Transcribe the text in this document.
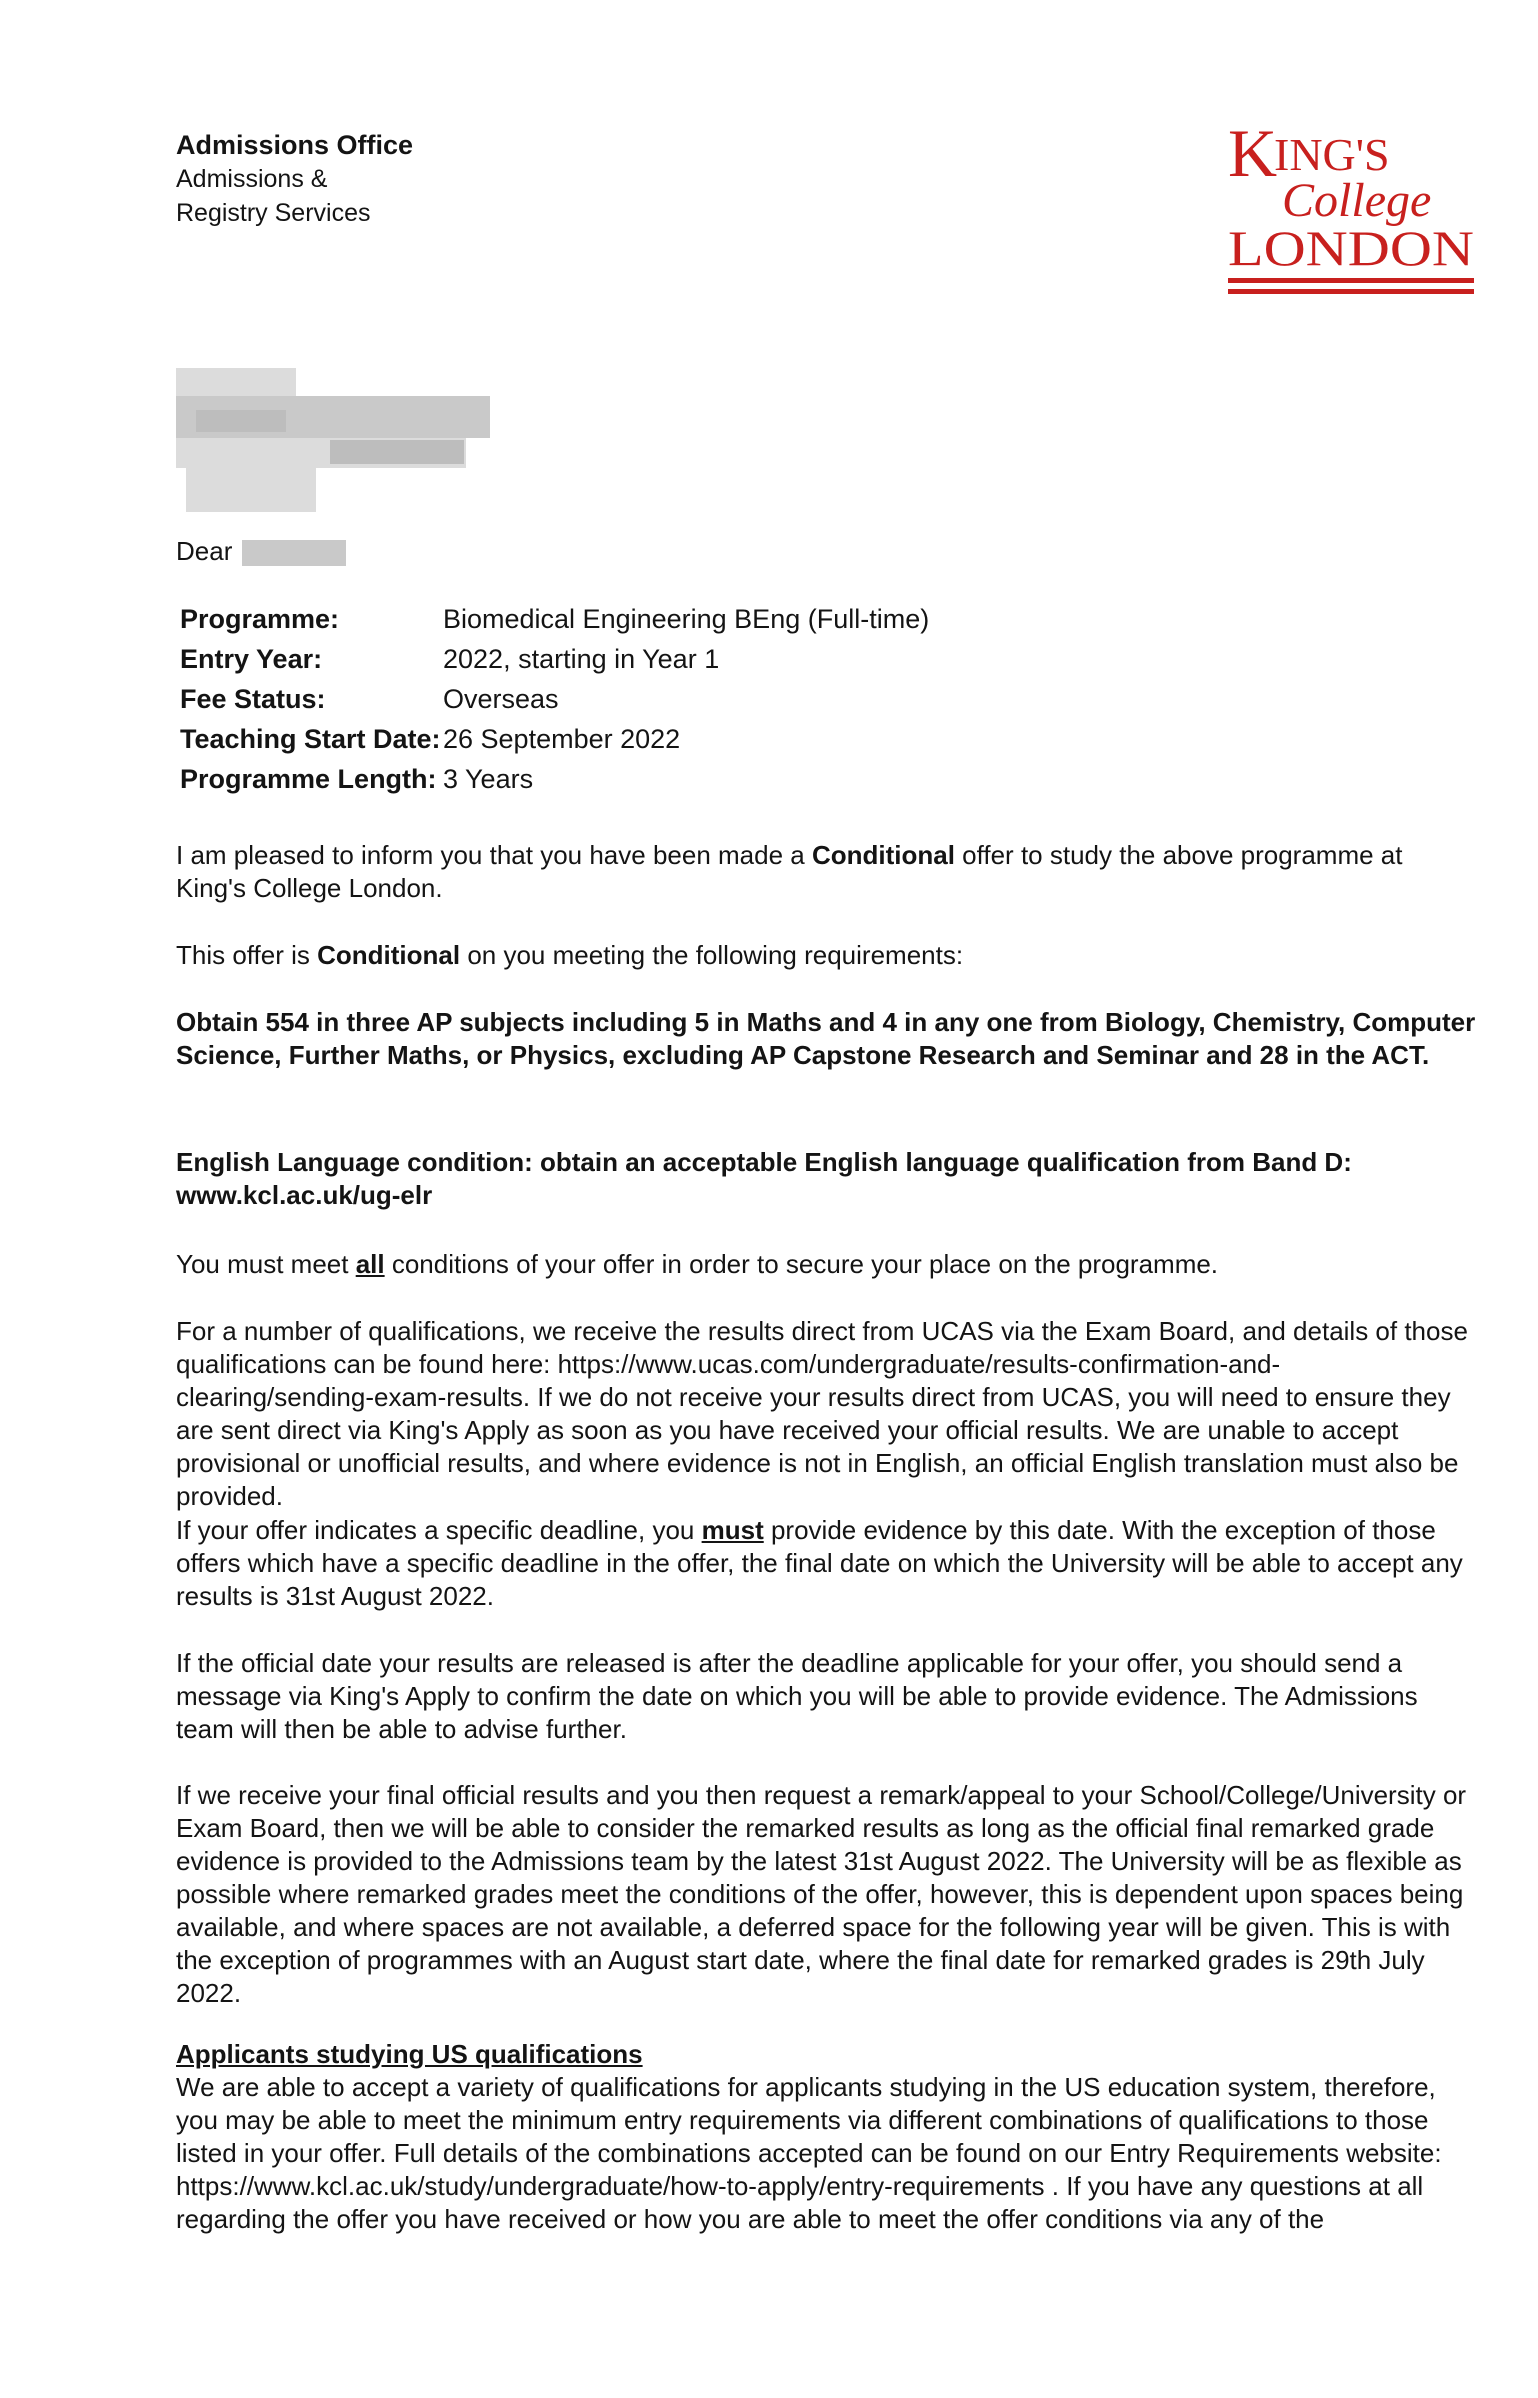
Admissions Office
Admissions &
Registry Services
K
ING'S
College
LONDON
Dear
Programme:	Biomedical Engineering BEng (Full-time)
Entry Year:	2022, starting in Year 1
Fee Status:	Overseas
Teaching Start Date: 26 September 2022
Programme Length: 3 Years

I am pleased to inform you that you have been made a Conditional offer to study the above programme at King's College London.

This offer is Conditional on you meeting the following requirements:

Obtain 554 in three AP subjects including 5 in Maths and 4 in any one from Biology, Chemistry, Computer Science, Further Maths, or Physics, excluding AP Capstone Research and Seminar and 28 in the ACT.

English Language condition: obtain an acceptable English language qualification from Band D: www.kcl.ac.uk/ug-elr

You must meet all conditions of your offer in order to secure your place on the programme.

For a number of qualifications, we receive the results direct from UCAS via the Exam Board, and details of those qualifications can be found here: https://www.ucas.com/undergraduate/results-confirmation-and-clearing/sending-exam-results. If we do not receive your results direct from UCAS, you will need to ensure they are sent direct via King's Apply as soon as you have received your official results. We are unable to accept provisional or unofficial results, and where evidence is not in English, an official English translation must also be provided.

If your offer indicates a specific deadline, you must provide evidence by this date. With the exception of those offers which have a specific deadline in the offer, the final date on which the University will be able to accept any results is 31st August 2022.

If the official date your results are released is after the deadline applicable for your offer, you should send a message via King's Apply to confirm the date on which you will be able to provide evidence. The Admissions team will then be able to advise further.

If we receive your final official results and you then request a remark/appeal to your School/College/University or Exam Board, then we will be able to consider the remarked results as long as the official final remarked grade evidence is provided to the Admissions team by the latest 31st August 2022. The University will be as flexible as possible where remarked grades meet the conditions of the offer, however, this is dependent upon spaces being available, and where spaces are not available, a deferred space for the following year will be given. This is with the exception of programmes with an August start date, where the final date for remarked grades is 29th July 2022.

Applicants studying US qualifications

We are able to accept a variety of qualifications for applicants studying in the US education system, therefore, you may be able to meet the minimum entry requirements via different combinations of qualifications to those listed in your offer. Full details of the combinations accepted can be found on our Entry Requirements website: https://www.kcl.ac.uk/study/undergraduate/how-to-apply/entry-requirements . If you have any questions at all regarding the offer you have received or how you are able to meet the offer conditions via any of the
